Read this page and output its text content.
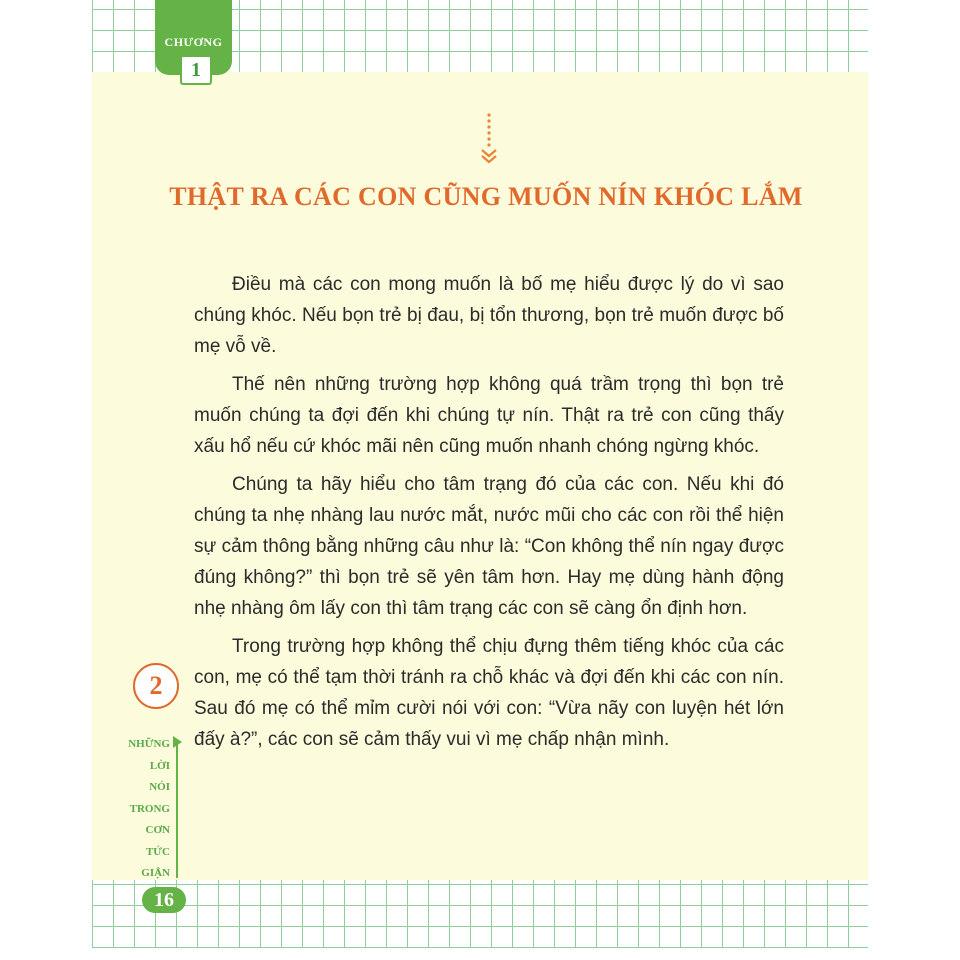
CHƯƠNG
1
THẬT RA CÁC CON CŨNG MUỐN NÍN KHÓC LẮM

Điều mà các con mong muốn là bố mẹ hiểu được lý do vì sao chúng khóc. Nếu bọn trẻ bị đau, bị tổn thương, bọn trẻ muốn được bố mẹ vỗ về.

Thế nên những trường hợp không quá trầm trọng thì bọn trẻ muốn chúng ta đợi đến khi chúng tự nín. Thật ra trẻ con cũng thấy xấu hổ nếu cứ khóc mãi nên cũng muốn nhanh chóng ngừng khóc.

Chúng ta hãy hiểu cho tâm trạng đó của các con. Nếu khi đó chúng ta nhẹ nhàng lau nước mắt, nước mũi cho các con rồi thể hiện sự cảm thông bằng những câu như là: “Con không thể nín ngay được đúng không?” thì bọn trẻ sẽ yên tâm hơn. Hay mẹ dùng hành động nhẹ nhàng ôm lấy con thì tâm trạng các con sẽ càng ổn định hơn.

Trong trường hợp không thể chịu đựng thêm tiếng khóc của các con, mẹ có thể tạm thời tránh ra chỗ khác và đợi đến khi các con nín. Sau đó mẹ có thể mỉm cười nói với con: “Vừa nãy con luyện hét lớn đấy à?”, các con sẽ cảm thấy vui vì mẹ chấp nhận mình.

2
NHỮNG
LỜI
NÓI
TRONG
CƠN
TỨC
GIẬN
16
